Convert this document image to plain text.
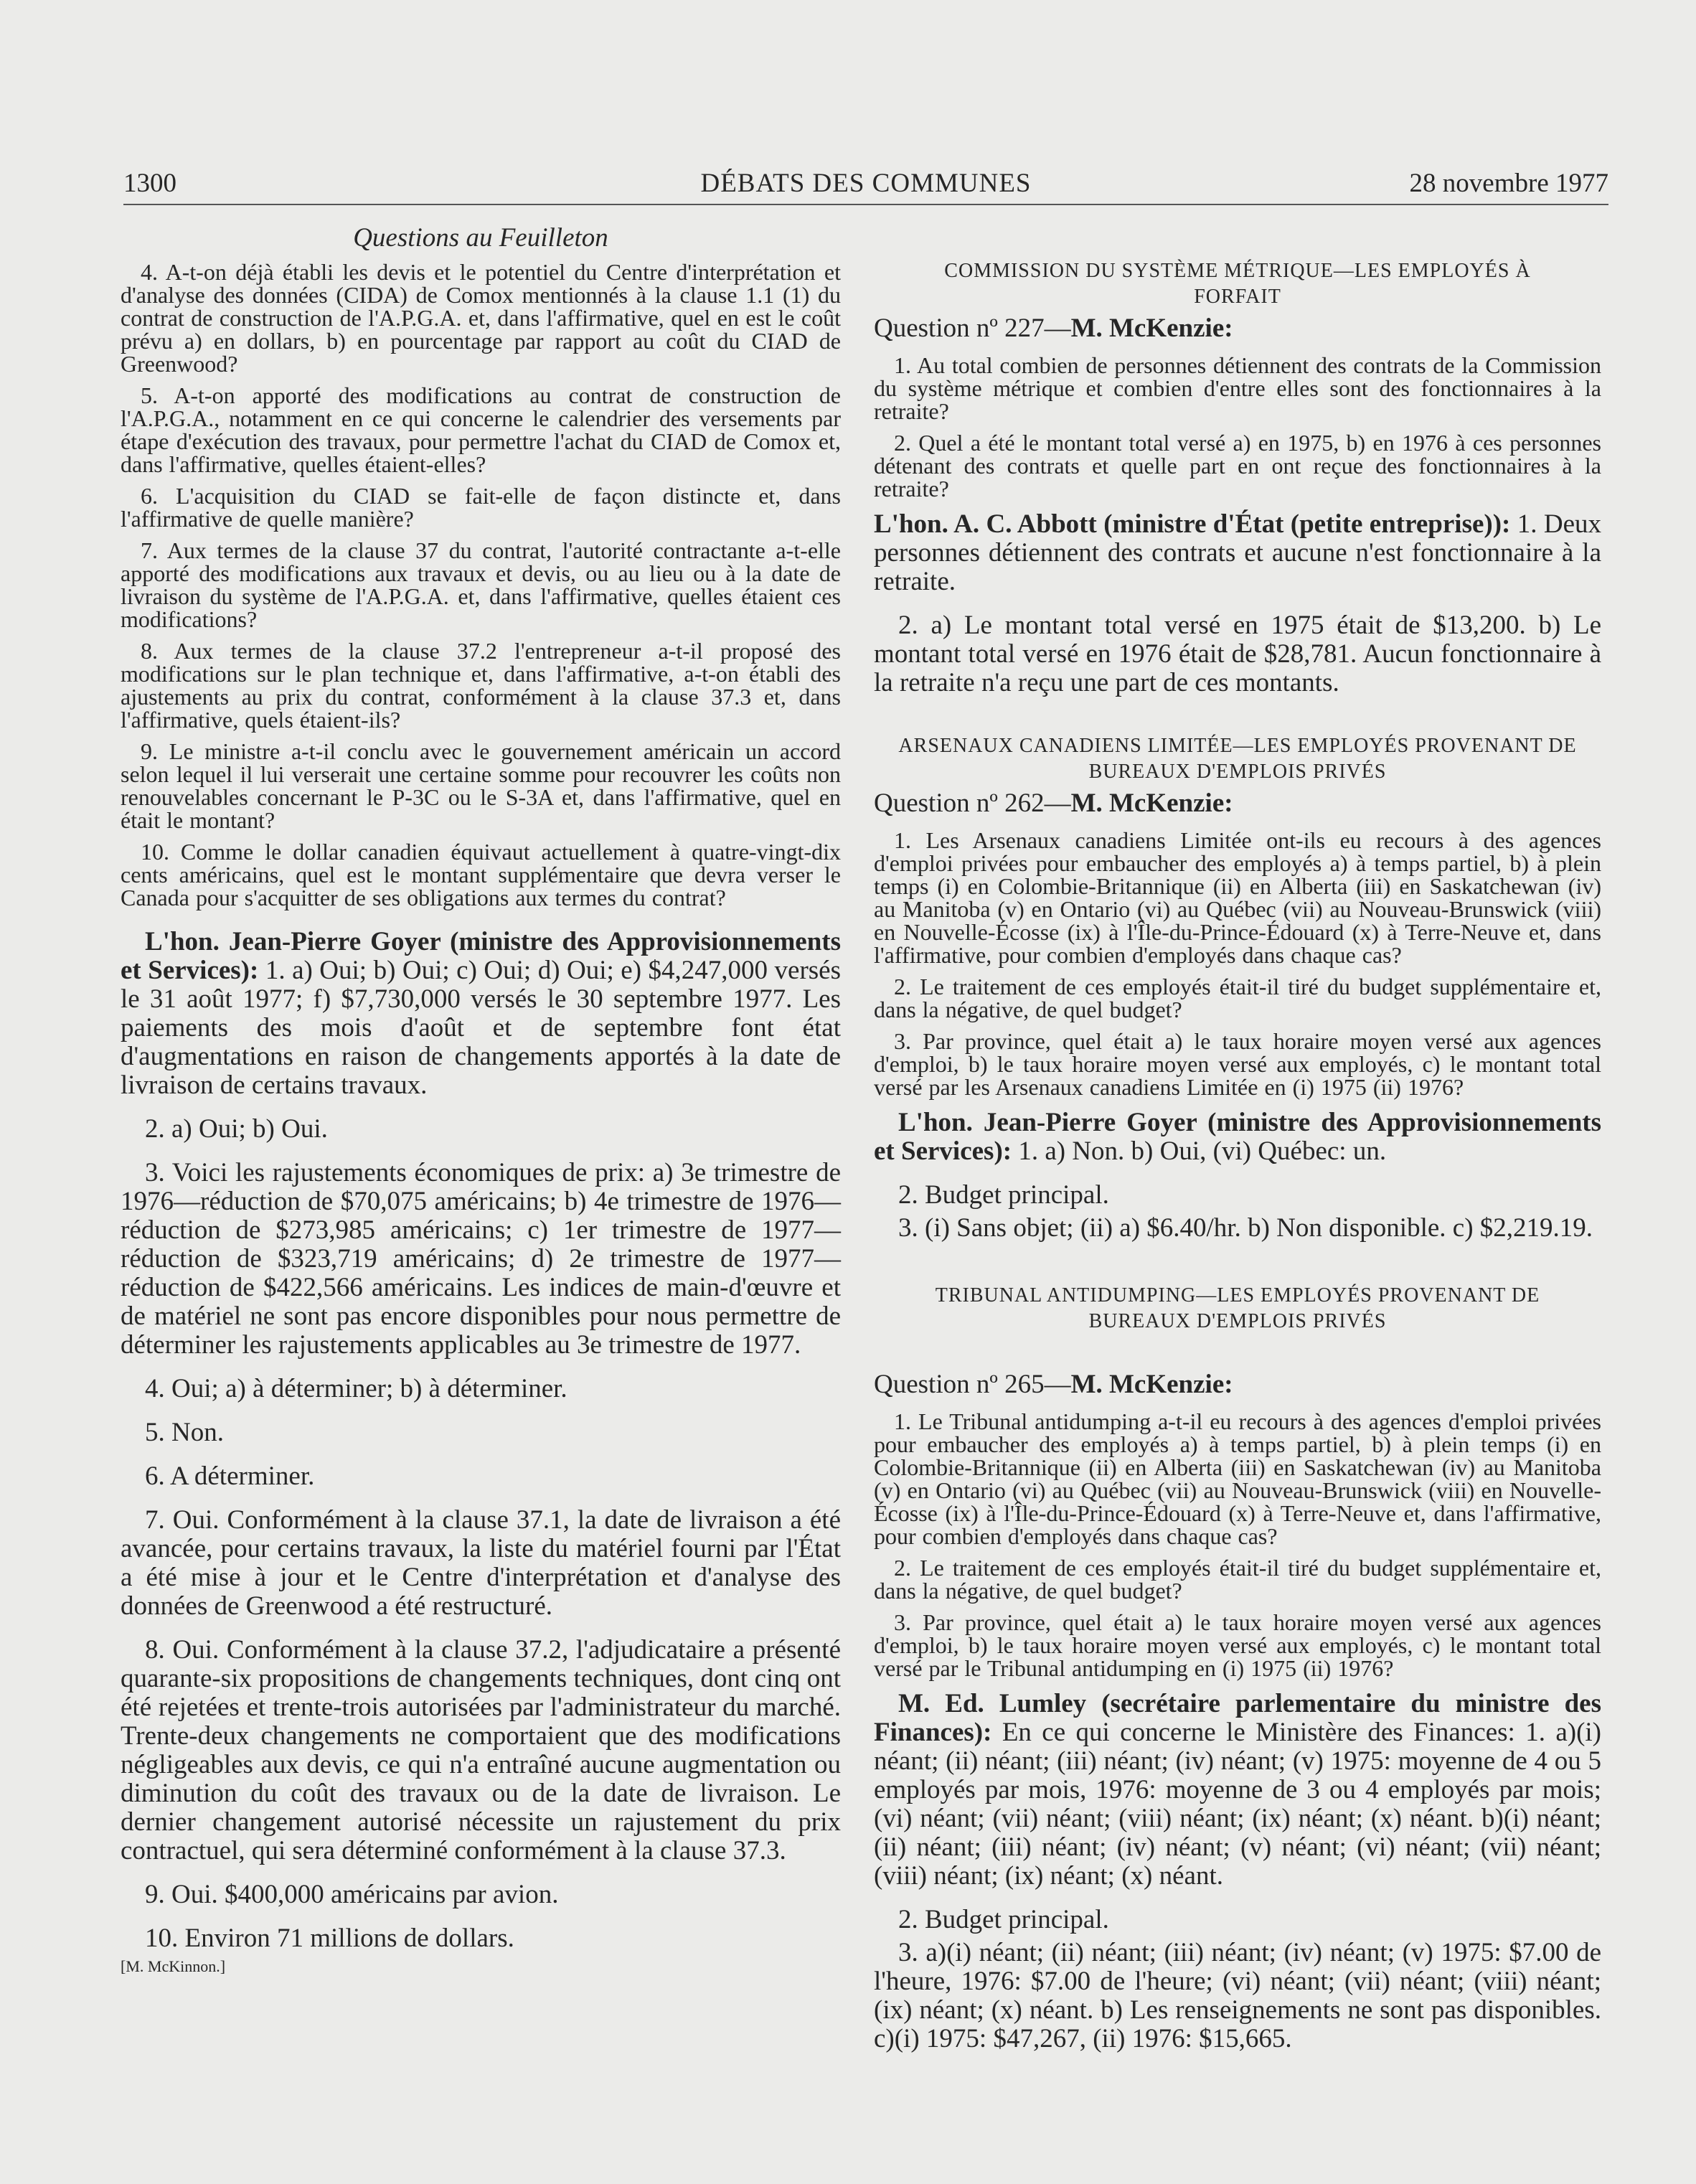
1300	DÉBATS DES COMMUNES	28 novembre 1977
Questions au Feuilleton

4. A-t-on déjà établi les devis et le potentiel du Centre d'interprétation et d'analyse des données (CIDA) de Comox mentionnés à la clause 1.1 (1) du contrat de construction de l'A.P.G.A. et, dans l'affirmative, quel en est le coût prévu a) en dollars, b) en pourcentage par rapport au coût du CIAD de Greenwood?

5. A-t-on apporté des modifications au contrat de construction de l'A.P.G.A., notamment en ce qui concerne le calendrier des versements par étape d'exécution des travaux, pour permettre l'achat du CIAD de Comox et, dans l'affirmative, quelles étaient-elles?

6. L'acquisition du CIAD se fait-elle de façon distincte et, dans l'affirmative de quelle manière?

7. Aux termes de la clause 37 du contrat, l'autorité contractante a-t-elle apporté des modifications aux travaux et devis, ou au lieu ou à la date de livraison du système de l'A.P.G.A. et, dans l'affirmative, quelles étaient ces modifications?

8. Aux termes de la clause 37.2 l'entrepreneur a-t-il proposé des modifications sur le plan technique et, dans l'affirmative, a-t-on établi des ajustements au prix du contrat, conformément à la clause 37.3 et, dans l'affirmative, quels étaient-ils?

9. Le ministre a-t-il conclu avec le gouvernement américain un accord selon lequel il lui verserait une certaine somme pour recouvrer les coûts non renouvelables concernant le P-3C ou le S-3A et, dans l'affirmative, quel en était le montant?

10. Comme le dollar canadien équivaut actuellement à quatre-vingt-dix cents américains, quel est le montant supplémentaire que devra verser le Canada pour s'acquitter de ses obligations aux termes du contrat?

L'hon. Jean-Pierre Goyer (ministre des Approvisionnements et Services): 1. a) Oui; b) Oui; c) Oui; d) Oui; e) $4,247,000 versés le 31 août 1977; f) $7,730,000 versés le 30 septembre 1977. Les paiements des mois d'août et de septembre font état d'augmentations en raison de changements apportés à la date de livraison de certains travaux.

2. a) Oui; b) Oui.

3. Voici les rajustements économiques de prix: a) 3e trimestre de 1976—réduction de $70,075 américains; b) 4e trimestre de 1976—réduction de $273,985 américains; c) 1er trimestre de 1977—réduction de $323,719 américains; d) 2e trimestre de 1977—réduction de $422,566 américains. Les indices de main-d'œuvre et de matériel ne sont pas encore disponibles pour nous permettre de déterminer les rajustements applicables au 3e trimestre de 1977.

4. Oui; a) à déterminer; b) à déterminer.

5. Non.

6. A déterminer.

7. Oui. Conformément à la clause 37.1, la date de livraison a été avancée, pour certains travaux, la liste du matériel fourni par l'État a été mise à jour et le Centre d'interprétation et d'analyse des données de Greenwood a été restructuré.

8. Oui. Conformément à la clause 37.2, l'adjudicataire a présenté quarante-six propositions de changements techniques, dont cinq ont été rejetées et trente-trois autorisées par l'administrateur du marché. Trente-deux changements ne comportaient que des modifications négligeables aux devis, ce qui n'a entraîné aucune augmentation ou diminution du coût des travaux ou de la date de livraison. Le dernier changement autorisé nécessite un rajustement du prix contractuel, qui sera déterminé conformément à la clause 37.3.

9. Oui. $400,000 américains par avion.

10. Environ 71 millions de dollars.

[M. McKinnon.]

COMMISSION DU SYSTÈME MÉTRIQUE—LES EMPLOYÉS À FORFAIT

Question nº 227—M. McKenzie:

1. Au total combien de personnes détiennent des contrats de la Commission du système métrique et combien d'entre elles sont des fonctionnaires à la retraite?

2. Quel a été le montant total versé a) en 1975, b) en 1976 à ces personnes détenant des contrats et quelle part en ont reçue des fonctionnaires à la retraite?

L'hon. A. C. Abbott (ministre d'État (petite entreprise)): 1. Deux personnes détiennent des contrats et aucune n'est fonctionnaire à la retraite.

2. a) Le montant total versé en 1975 était de $13,200. b) Le montant total versé en 1976 était de $28,781. Aucun fonctionnaire à la retraite n'a reçu une part de ces montants.

ARSENAUX CANADIENS LIMITÉE—LES EMPLOYÉS PROVENANT DE BUREAUX D'EMPLOIS PRIVÉS

Question nº 262—M. McKenzie:

1. Les Arsenaux canadiens Limitée ont-ils eu recours à des agences d'emploi privées pour embaucher des employés a) à temps partiel, b) à plein temps (i) en Colombie-Britannique (ii) en Alberta (iii) en Saskatchewan (iv) au Manitoba (v) en Ontario (vi) au Québec (vii) au Nouveau-Brunswick (viii) en Nouvelle-Écosse (ix) à l'Île-du-Prince-Édouard (x) à Terre-Neuve et, dans l'affirmative, pour combien d'employés dans chaque cas?

2. Le traitement de ces employés était-il tiré du budget supplémentaire et, dans la négative, de quel budget?

3. Par province, quel était a) le taux horaire moyen versé aux agences d'emploi, b) le taux horaire moyen versé aux employés, c) le montant total versé par les Arsenaux canadiens Limitée en (i) 1975 (ii) 1976?

L'hon. Jean-Pierre Goyer (ministre des Approvisionnements et Services): 1. a) Non. b) Oui, (vi) Québec: un.

2. Budget principal.

3. (i) Sans objet; (ii) a) $6.40/hr. b) Non disponible. c) $2,219.19.

TRIBUNAL ANTIDUMPING—LES EMPLOYÉS PROVENANT DE BUREAUX D'EMPLOIS PRIVÉS

Question nº 265—M. McKenzie:

1. Le Tribunal antidumping a-t-il eu recours à des agences d'emploi privées pour embaucher des employés a) à temps partiel, b) à plein temps (i) en Colombie-Britannique (ii) en Alberta (iii) en Saskatchewan (iv) au Manitoba (v) en Ontario (vi) au Québec (vii) au Nouveau-Brunswick (viii) en Nouvelle-Écosse (ix) à l'Île-du-Prince-Édouard (x) à Terre-Neuve et, dans l'affirmative, pour combien d'employés dans chaque cas?

2. Le traitement de ces employés était-il tiré du budget supplémentaire et, dans la négative, de quel budget?

3. Par province, quel était a) le taux horaire moyen versé aux agences d'emploi, b) le taux horaire moyen versé aux employés, c) le montant total versé par le Tribunal antidumping en (i) 1975 (ii) 1976?

M. Ed. Lumley (secrétaire parlementaire du ministre des Finances): En ce qui concerne le Ministère des Finances: 1. a)(i) néant; (ii) néant; (iii) néant; (iv) néant; (v) 1975: moyenne de 4 ou 5 employés par mois, 1976: moyenne de 3 ou 4 employés par mois; (vi) néant; (vii) néant; (viii) néant; (ix) néant; (x) néant. b)(i) néant; (ii) néant; (iii) néant; (iv) néant; (v) néant; (vi) néant; (vii) néant; (viii) néant; (ix) néant; (x) néant.

2. Budget principal.

3. a)(i) néant; (ii) néant; (iii) néant; (iv) néant; (v) 1975: $7.00 de l'heure, 1976: $7.00 de l'heure; (vi) néant; (vii) néant; (viii) néant; (ix) néant; (x) néant. b) Les renseignements ne sont pas disponibles. c)(i) 1975: $47,267, (ii) 1976: $15,665.
